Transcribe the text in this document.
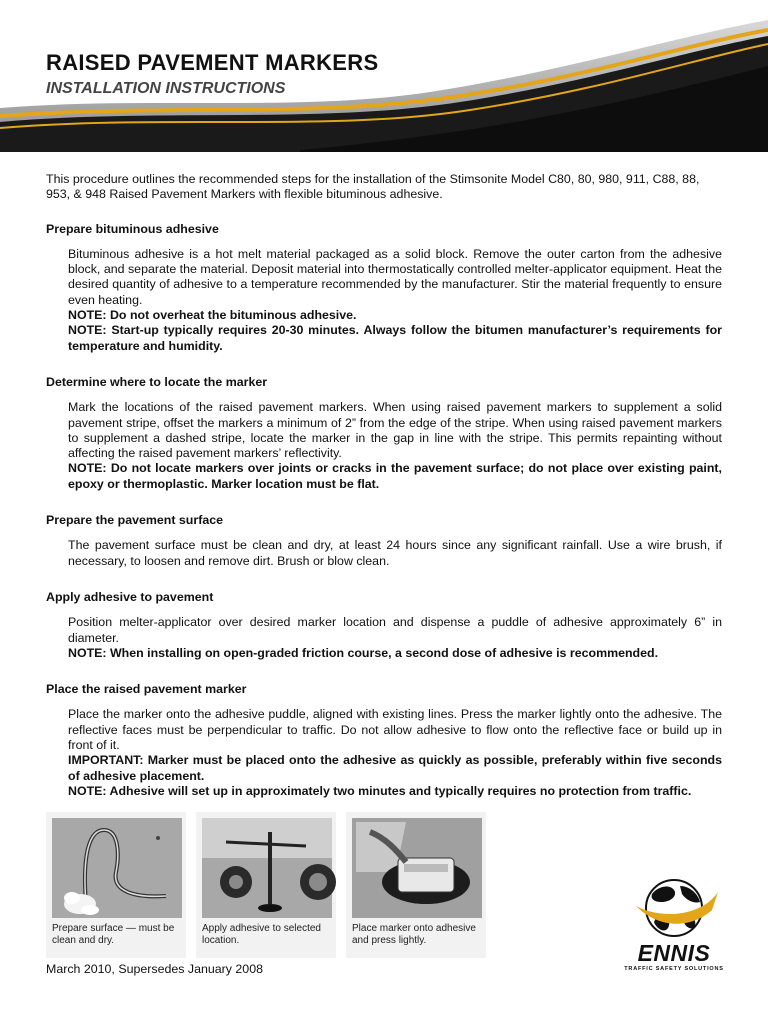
RAISED PAVEMENT MARKERS
INSTALLATION INSTRUCTIONS

This procedure outlines the recommended steps for the installation of the Stimsonite Model C80, 80, 980, 911, C88, 88, 953, & 948 Raised Pavement Markers with flexible bituminous adhesive.

Prepare bituminous adhesive

Bituminous adhesive is a hot melt material packaged as a solid block. Remove the outer carton from the adhesive block, and separate the material. Deposit material into thermostatically controlled melter-applicator equipment. Heat the desired quantity of adhesive to a temperature recommended by the manufacturer. Stir the material frequently to ensure even heating.

NOTE: Do not overheat the bituminous adhesive.

NOTE: Start-up typically requires 20-30 minutes. Always follow the bitumen manufacturer’s requirements for temperature and humidity.

Determine where to locate the marker

Mark the locations of the raised pavement markers. When using raised pavement markers to supplement a solid pavement stripe, offset the markers a minimum of 2” from the edge of the stripe. When using raised pavement markers to supplement a dashed stripe, locate the marker in the gap in line with the stripe. This permits repainting without affecting the raised pavement markers’ reflectivity.

NOTE: Do not locate markers over joints or cracks in the pavement surface; do not place over existing paint, epoxy or thermoplastic. Marker location must be flat.

Prepare the pavement surface

The pavement surface must be clean and dry, at least 24 hours since any significant rainfall. Use a wire brush, if necessary, to loosen and remove dirt. Brush or blow clean.

Apply adhesive to pavement

Position melter-applicator over desired marker location and dispense a puddle of adhesive approximately 6” in diameter.

NOTE: When installing on open-graded friction course, a second dose of adhesive is recommended.

Place the raised pavement marker

Place the marker onto the adhesive puddle, aligned with existing lines. Press the marker lightly onto the adhesive. The reflective faces must be perpendicular to traffic. Do not allow adhesive to flow onto the reflective face or build up in front of it.

IMPORTANT: Marker must be placed onto the adhesive as quickly as possible, preferably within five seconds of adhesive placement.

NOTE: Adhesive will set up in approximately two minutes and typically requires no protection from traffic.

Prepare surface — must be clean and dry.
Apply adhesive to selected location.
Place marker onto adhesive and press lightly.
March 2010, Supersedes January 2008
ENNIS
TRAFFIC SAFETY SOLUTIONS
